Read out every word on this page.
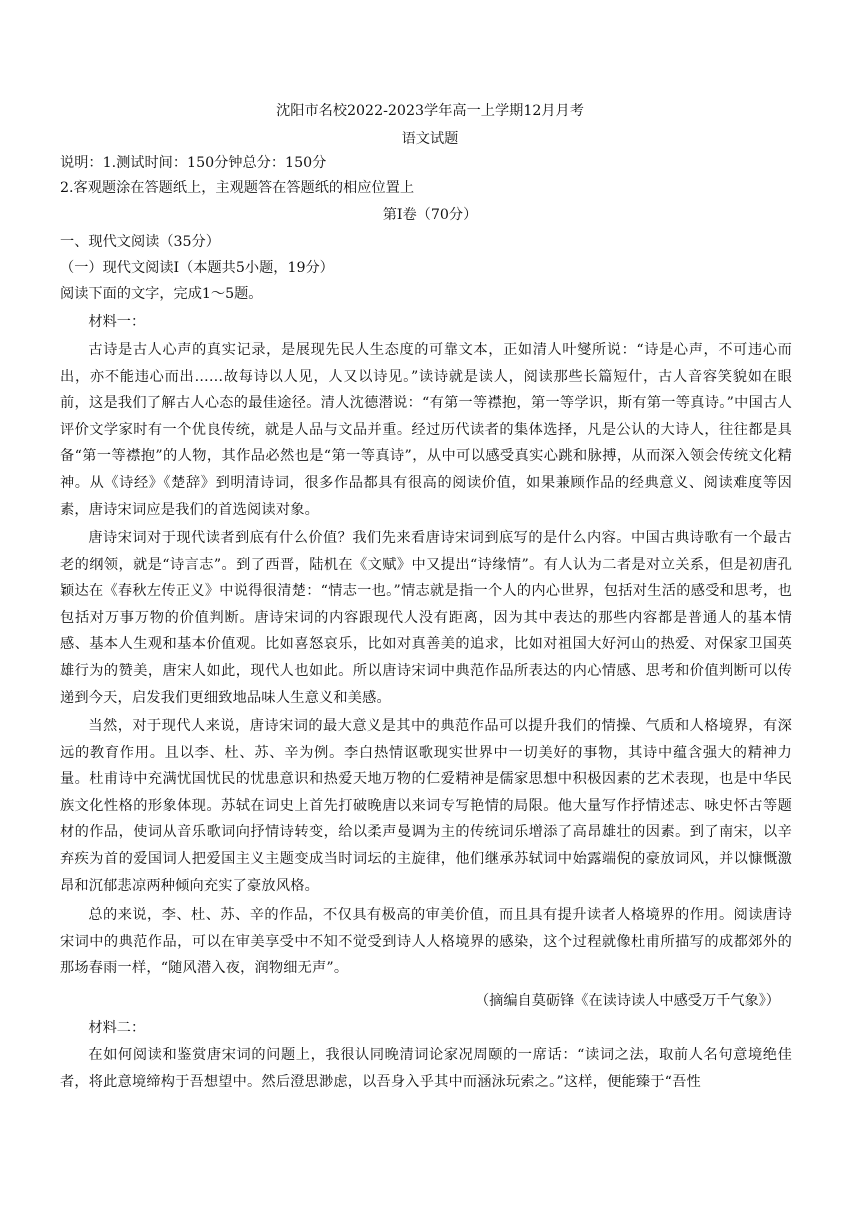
沈阳市名校2022-2023学年高一上学期12月月考
语文试题
说明：1.测试时间：150分钟总分：150分
2.客观题涂在答题纸上，主观题答在答题纸的相应位置上
第Ⅰ卷（70分）
一、现代文阅读（35分）
（一）现代文阅读Ⅰ（本题共5小题，19分）
阅读下面的文字，完成1～5题。
材料一：
古诗是古人心声的真实记录，是展现先民人生态度的可靠文本，正如清人叶燮所说：“诗是心声，不可违心而出，亦不能违心而出……故每诗以人见，人又以诗见。”读诗就是读人，阅读那些长篇短什，古人音容笑貌如在眼前，这是我们了解古人心态的最佳途径。清人沈德潜说：“有第一等襟抱，第一等学识，斯有第一等真诗。”中国古人评价文学家时有一个优良传统，就是人品与文品并重。经过历代读者的集体选择，凡是公认的大诗人，往往都是具备“第一等襟抱”的人物，其作品必然也是“第一等真诗”，从中可以感受真实心跳和脉搏，从而深入领会传统文化精神。从《诗经》《楚辞》到明清诗词，很多作品都具有很高的阅读价值，如果兼顾作品的经典意义、阅读难度等因素，唐诗宋词应是我们的首选阅读对象。
唐诗宋词对于现代读者到底有什么价值？我们先来看唐诗宋词到底写的是什么内容。中国古典诗歌有一个最古老的纲领，就是“诗言志”。到了西晋，陆机在《文赋》中又提出“诗缘情”。有人认为二者是对立关系，但是初唐孔颖达在《春秋左传正义》中说得很清楚：“情志一也。”情志就是指一个人的内心世界，包括对生活的感受和思考，也包括对万事万物的价值判断。唐诗宋词的内容跟现代人没有距离，因为其中表达的那些内容都是普通人的基本情感、基本人生观和基本价值观。比如喜怒哀乐，比如对真善美的追求，比如对祖国大好河山的热爱、对保家卫国英雄行为的赞美，唐宋人如此，现代人也如此。所以唐诗宋词中典范作品所表达的内心情感、思考和价值判断可以传递到今天，启发我们更细致地品味人生意义和美感。
当然，对于现代人来说，唐诗宋词的最大意义是其中的典范作品可以提升我们的情操、气质和人格境界，有深远的教育作用。且以李、杜、苏、辛为例。李白热情讴歌现实世界中一切美好的事物，其诗中蕴含强大的精神力量。杜甫诗中充满忧国忧民的忧患意识和热爱天地万物的仁爱精神是儒家思想中积极因素的艺术表现，也是中华民族文化性格的形象体现。苏轼在词史上首先打破晚唐以来词专写艳情的局限。他大量写作抒情述志、咏史怀古等题材的作品，使词从音乐歌词向抒情诗转变，给以柔声曼调为主的传统词乐增添了高昂雄壮的因素。到了南宋，以辛弃疾为首的爱国词人把爱国主义主题变成当时词坛的主旋律，他们继承苏轼词中始露端倪的豪放词风，并以慷慨激昂和沉郁悲凉两种倾向充实了豪放风格。
总的来说，李、杜、苏、辛的作品，不仅具有极高的审美价值，而且具有提升读者人格境界的作用。阅读唐诗宋词中的典范作品，可以在审美享受中不知不觉受到诗人人格境界的感染，这个过程就像杜甫所描写的成都郊外的那场春雨一样，“随风潜入夜，润物细无声”。
（摘编自莫砺锋《在读诗读人中感受万千气象》）
材料二：
在如何阅读和鉴赏唐宋词的问题上，我很认同晚清词论家况周颐的一席话：“读词之法，取前人名句意境绝佳者，将此意境缔构于吾想望中。然后澄思渺虑，以吾身入乎其中而涵泳玩索之。”这样，便能臻于“吾性
